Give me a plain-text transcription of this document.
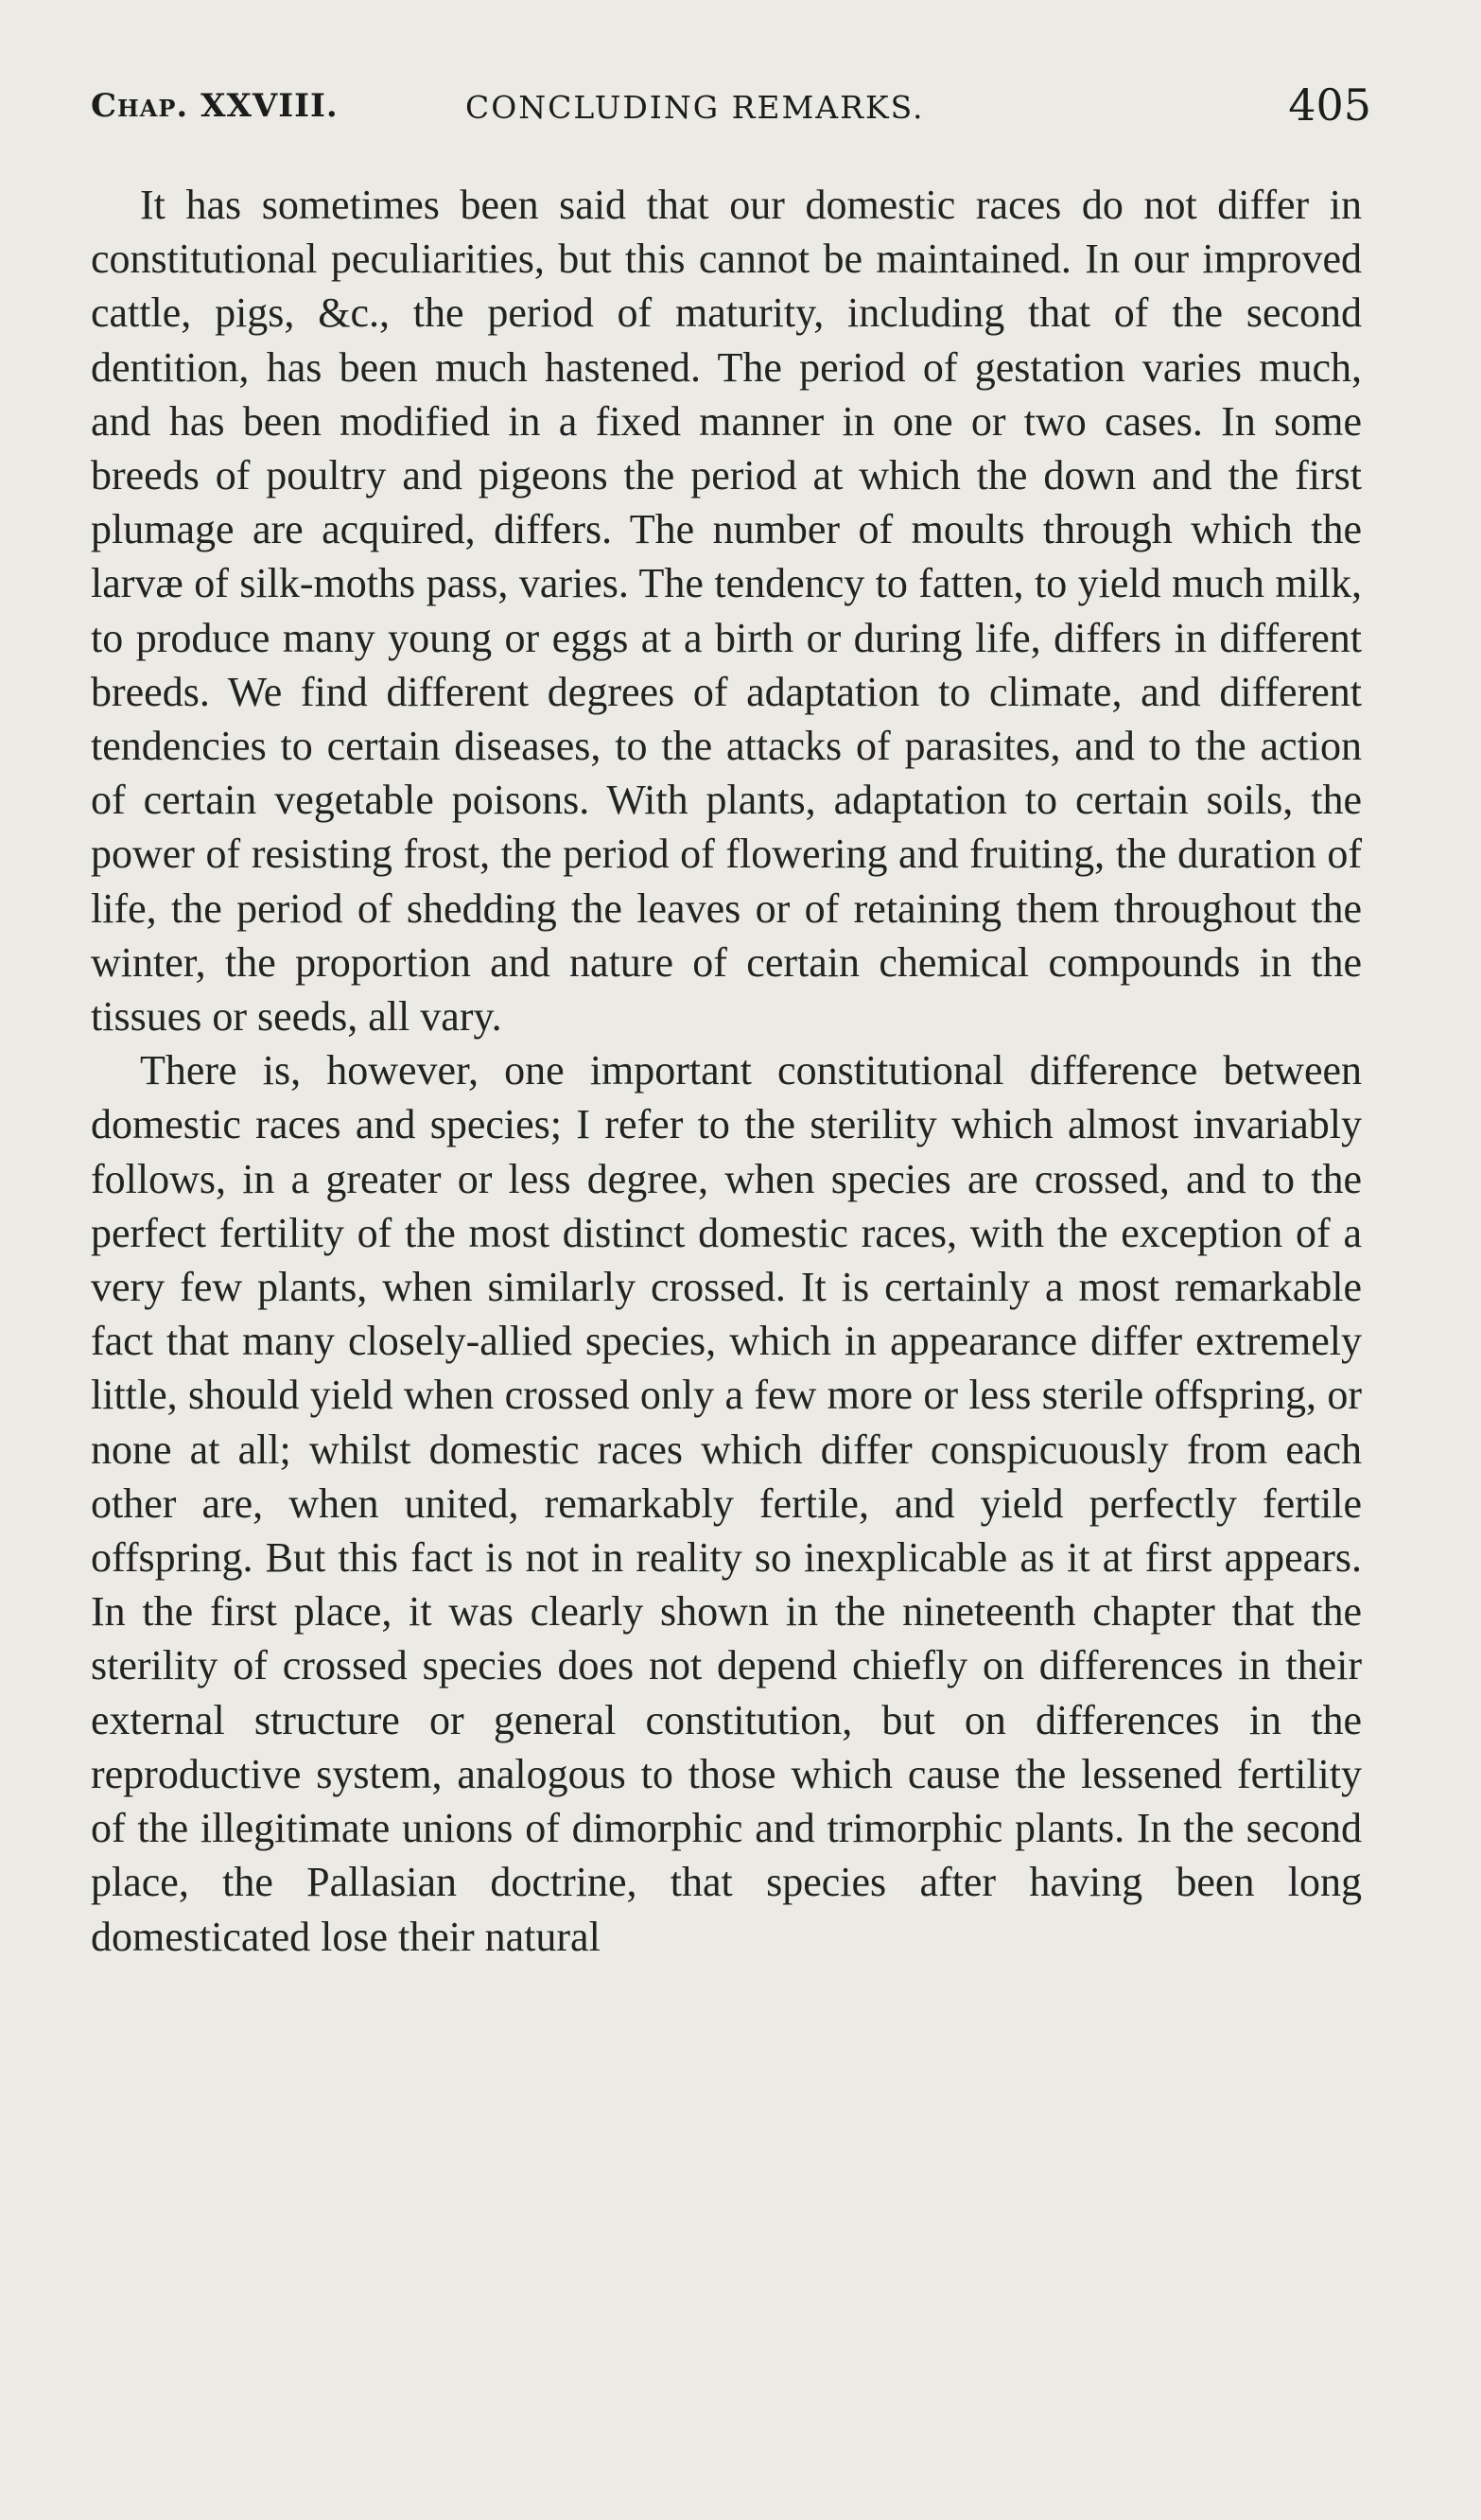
Chap. XXVIII.	CONCLUDING REMARKS.	405

It has sometimes been said that our domestic races do not differ in constitutional peculiarities, but this cannot be maintained. In our improved cattle, pigs, &c., the period of maturity, including that of the second dentition, has been much hastened. The period of gestation varies much, and has been modified in a fixed manner in one or two cases. In some breeds of poultry and pigeons the period at which the down and the first plumage are acquired, differs. The number of moults through which the larvæ of silk-moths pass, varies. The tendency to fatten, to yield much milk, to produce many young or eggs at a birth or during life, differs in different breeds. We find different degrees of adaptation to climate, and different tendencies to certain diseases, to the attacks of parasites, and to the action of certain vegetable poisons. With plants, adaptation to certain soils, the power of resisting frost, the period of flowering and fruiting, the duration of life, the period of shedding the leaves or of retaining them throughout the winter, the proportion and nature of certain chemical compounds in the tissues or seeds, all vary.

There is, however, one important constitutional difference between domestic races and species; I refer to the sterility which almost invariably follows, in a greater or less degree, when species are crossed, and to the perfect fertility of the most distinct domestic races, with the exception of a very few plants, when similarly crossed. It is certainly a most remarkable fact that many closely-allied species, which in appearance differ extremely little, should yield when crossed only a few more or less sterile offspring, or none at all; whilst domestic races which differ conspicuously from each other are, when united, remarkably fertile, and yield perfectly fertile offspring. But this fact is not in reality so inexplicable as it at first appears. In the first place, it was clearly shown in the nineteenth chapter that the sterility of crossed species does not depend chiefly on differences in their external structure or general constitution, but on differences in the reproductive system, analogous to those which cause the lessened fertility of the illegitimate unions of dimorphic and trimorphic plants. In the second place, the Pallasian doctrine, that species after having been long domesticated lose their natural
